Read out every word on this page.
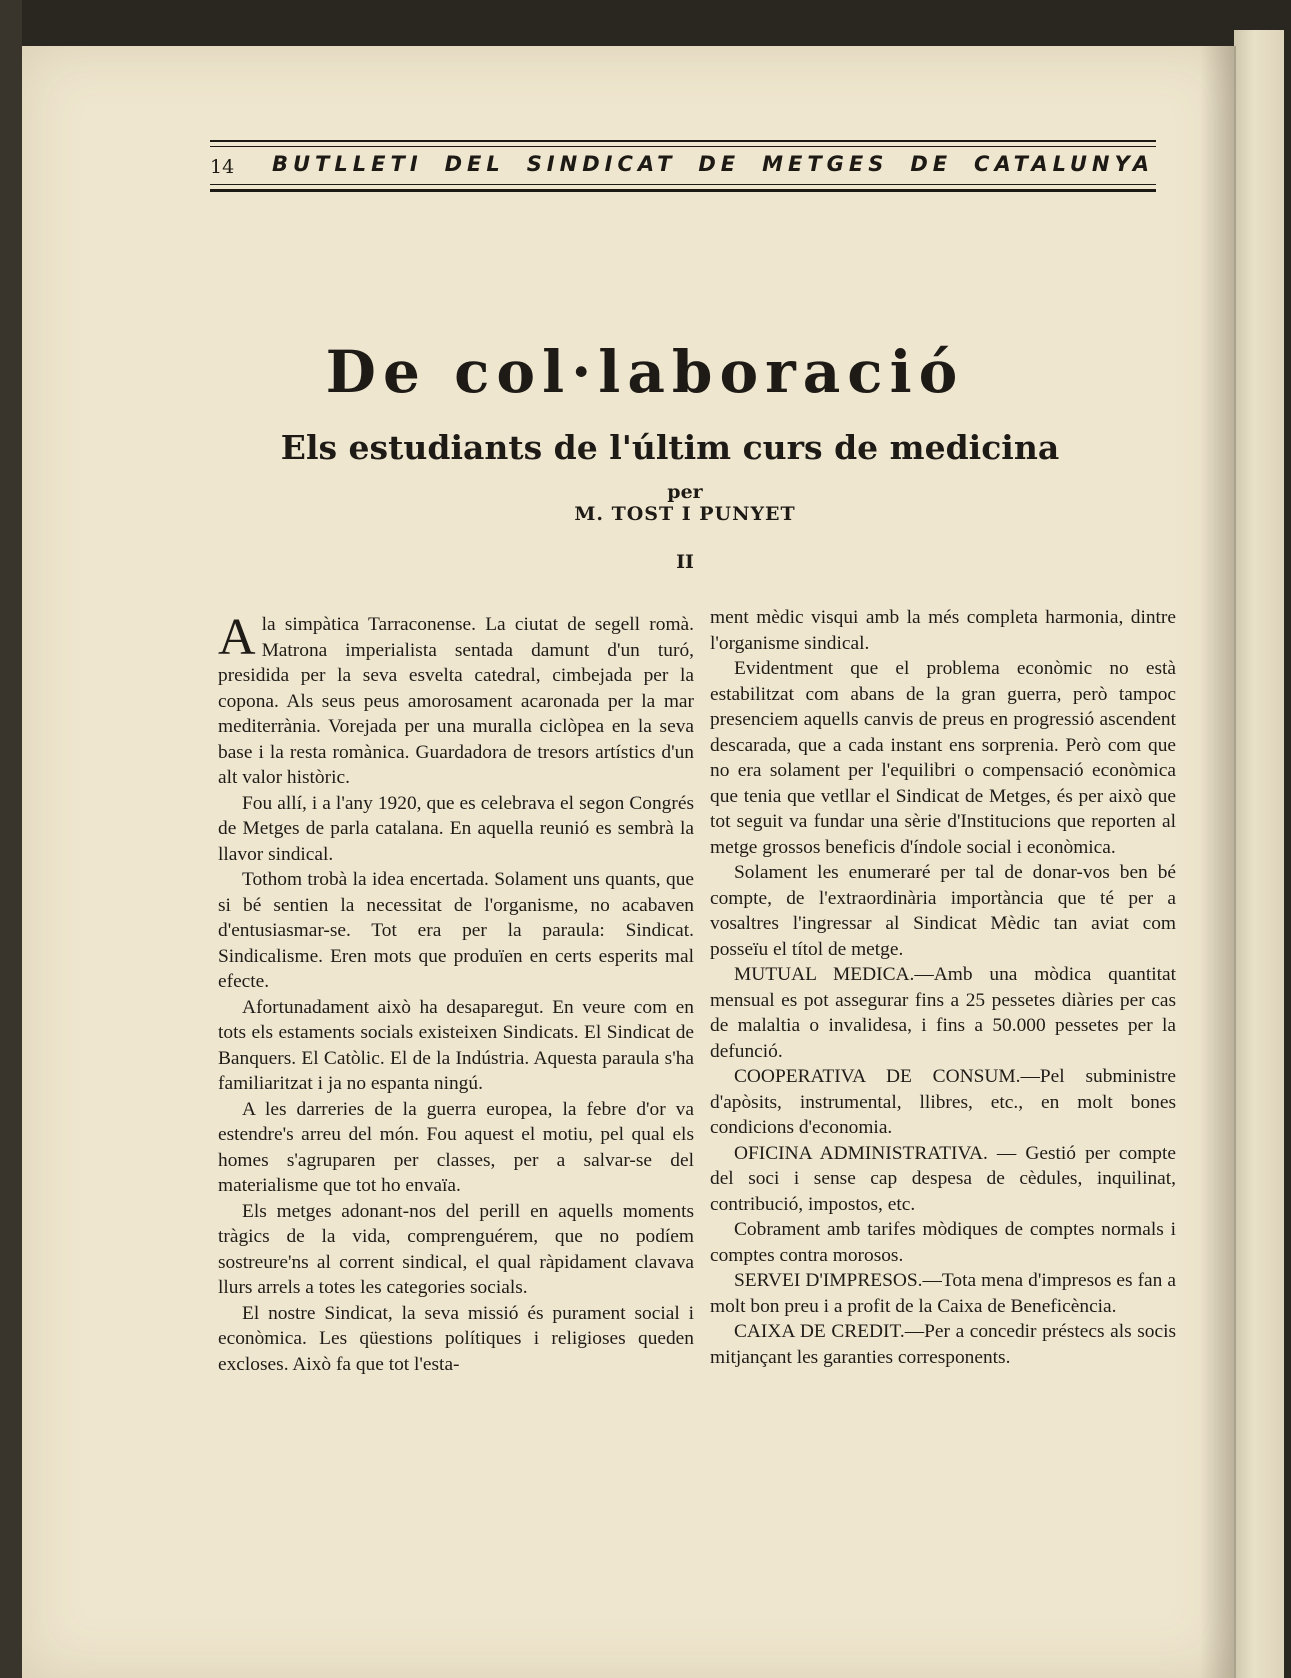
14 BUTLLETI DEL SINDICAT DE METGES DE CATALUNYA
De col·laboració
Els estudiants de l'últim curs de medicina
per
M. TOST I PUNYET
II

Ala simpàtica Tarraconense. La ciutat de segell romà. Matrona imperialista sentada damunt d'un turó, presidida per la seva esvelta catedral, cimbejada per la copona. Als seus peus amorosament acaronada per la mar mediterrània. Vorejada per una muralla ciclòpea en la seva base i la resta romànica. Guardadora de tresors artístics d'un alt valor històric.

Fou allí, i a l'any 1920, que es celebrava el segon Congrés de Metges de parla catalana. En aquella reunió es sembrà la llavor sindical.

Tothom trobà la idea encertada. Solament uns quants, que si bé sentien la necessitat de l'organisme, no acabaven d'entusiasmar-se. Tot era per la paraula: Sindicat. Sindicalisme. Eren mots que produïen en certs esperits mal efecte.

Afortunadament això ha desaparegut. En veure com en tots els estaments socials existeixen Sindicats. El Sindicat de Banquers. El Catòlic. El de la Indústria. Aquesta paraula s'ha familiaritzat i ja no espanta ningú.

A les darreries de la guerra europea, la febre d'or va estendre's arreu del món. Fou aquest el motiu, pel qual els homes s'agruparen per classes, per a salvar-se del materialisme que tot ho envaïa.

Els metges adonant-nos del perill en aquells moments tràgics de la vida, comprenguérem, que no podíem sostreure'ns al corrent sindical, el qual ràpidament clavava llurs arrels a totes les categories socials.

El nostre Sindicat, la seva missió és purament social i econòmica. Les qüestions polítiques i religioses queden excloses. Això fa que tot l'esta-

ment mèdic visqui amb la més completa harmonia, dintre l'organisme sindical.

Evidentment que el problema econòmic no està estabilitzat com abans de la gran guerra, però tampoc presenciem aquells canvis de preus en progressió ascendent descarada, que a cada instant ens sorprenia. Però com que no era solament per l'equilibri o compensació econòmica que tenia que vetllar el Sindicat de Metges, és per això que tot seguit va fundar una sèrie d'Institucions que reporten al metge grossos beneficis d'índole social i econòmica.

Solament les enumeraré per tal de donar-vos ben bé compte, de l'extraordinària importància que té per a vosaltres l'ingressar al Sindicat Mèdic tan aviat com posseïu el títol de metge.

MUTUAL MEDICA.—Amb una mòdica quantitat mensual es pot assegurar fins a 25 pessetes diàries per cas de malaltia o invalidesa, i fins a 50.000 pessetes per la defunció.

COOPERATIVA DE CONSUM.—Pel subministre d'apòsits, instrumental, llibres, etc., en molt bones condicions d'economia.

OFICINA ADMINISTRATIVA. — Gestió per compte del soci i sense cap despesa de cèdules, inquilinat, contribució, impostos, etc.

Cobrament amb tarifes mòdiques de comptes normals i comptes contra morosos.

SERVEI D'IMPRESOS.—Tota mena d'impresos es fan a molt bon preu i a profit de la Caixa de Beneficència.

CAIXA DE CREDIT.—Per a concedir préstecs als socis mitjançant les garanties corresponents.
